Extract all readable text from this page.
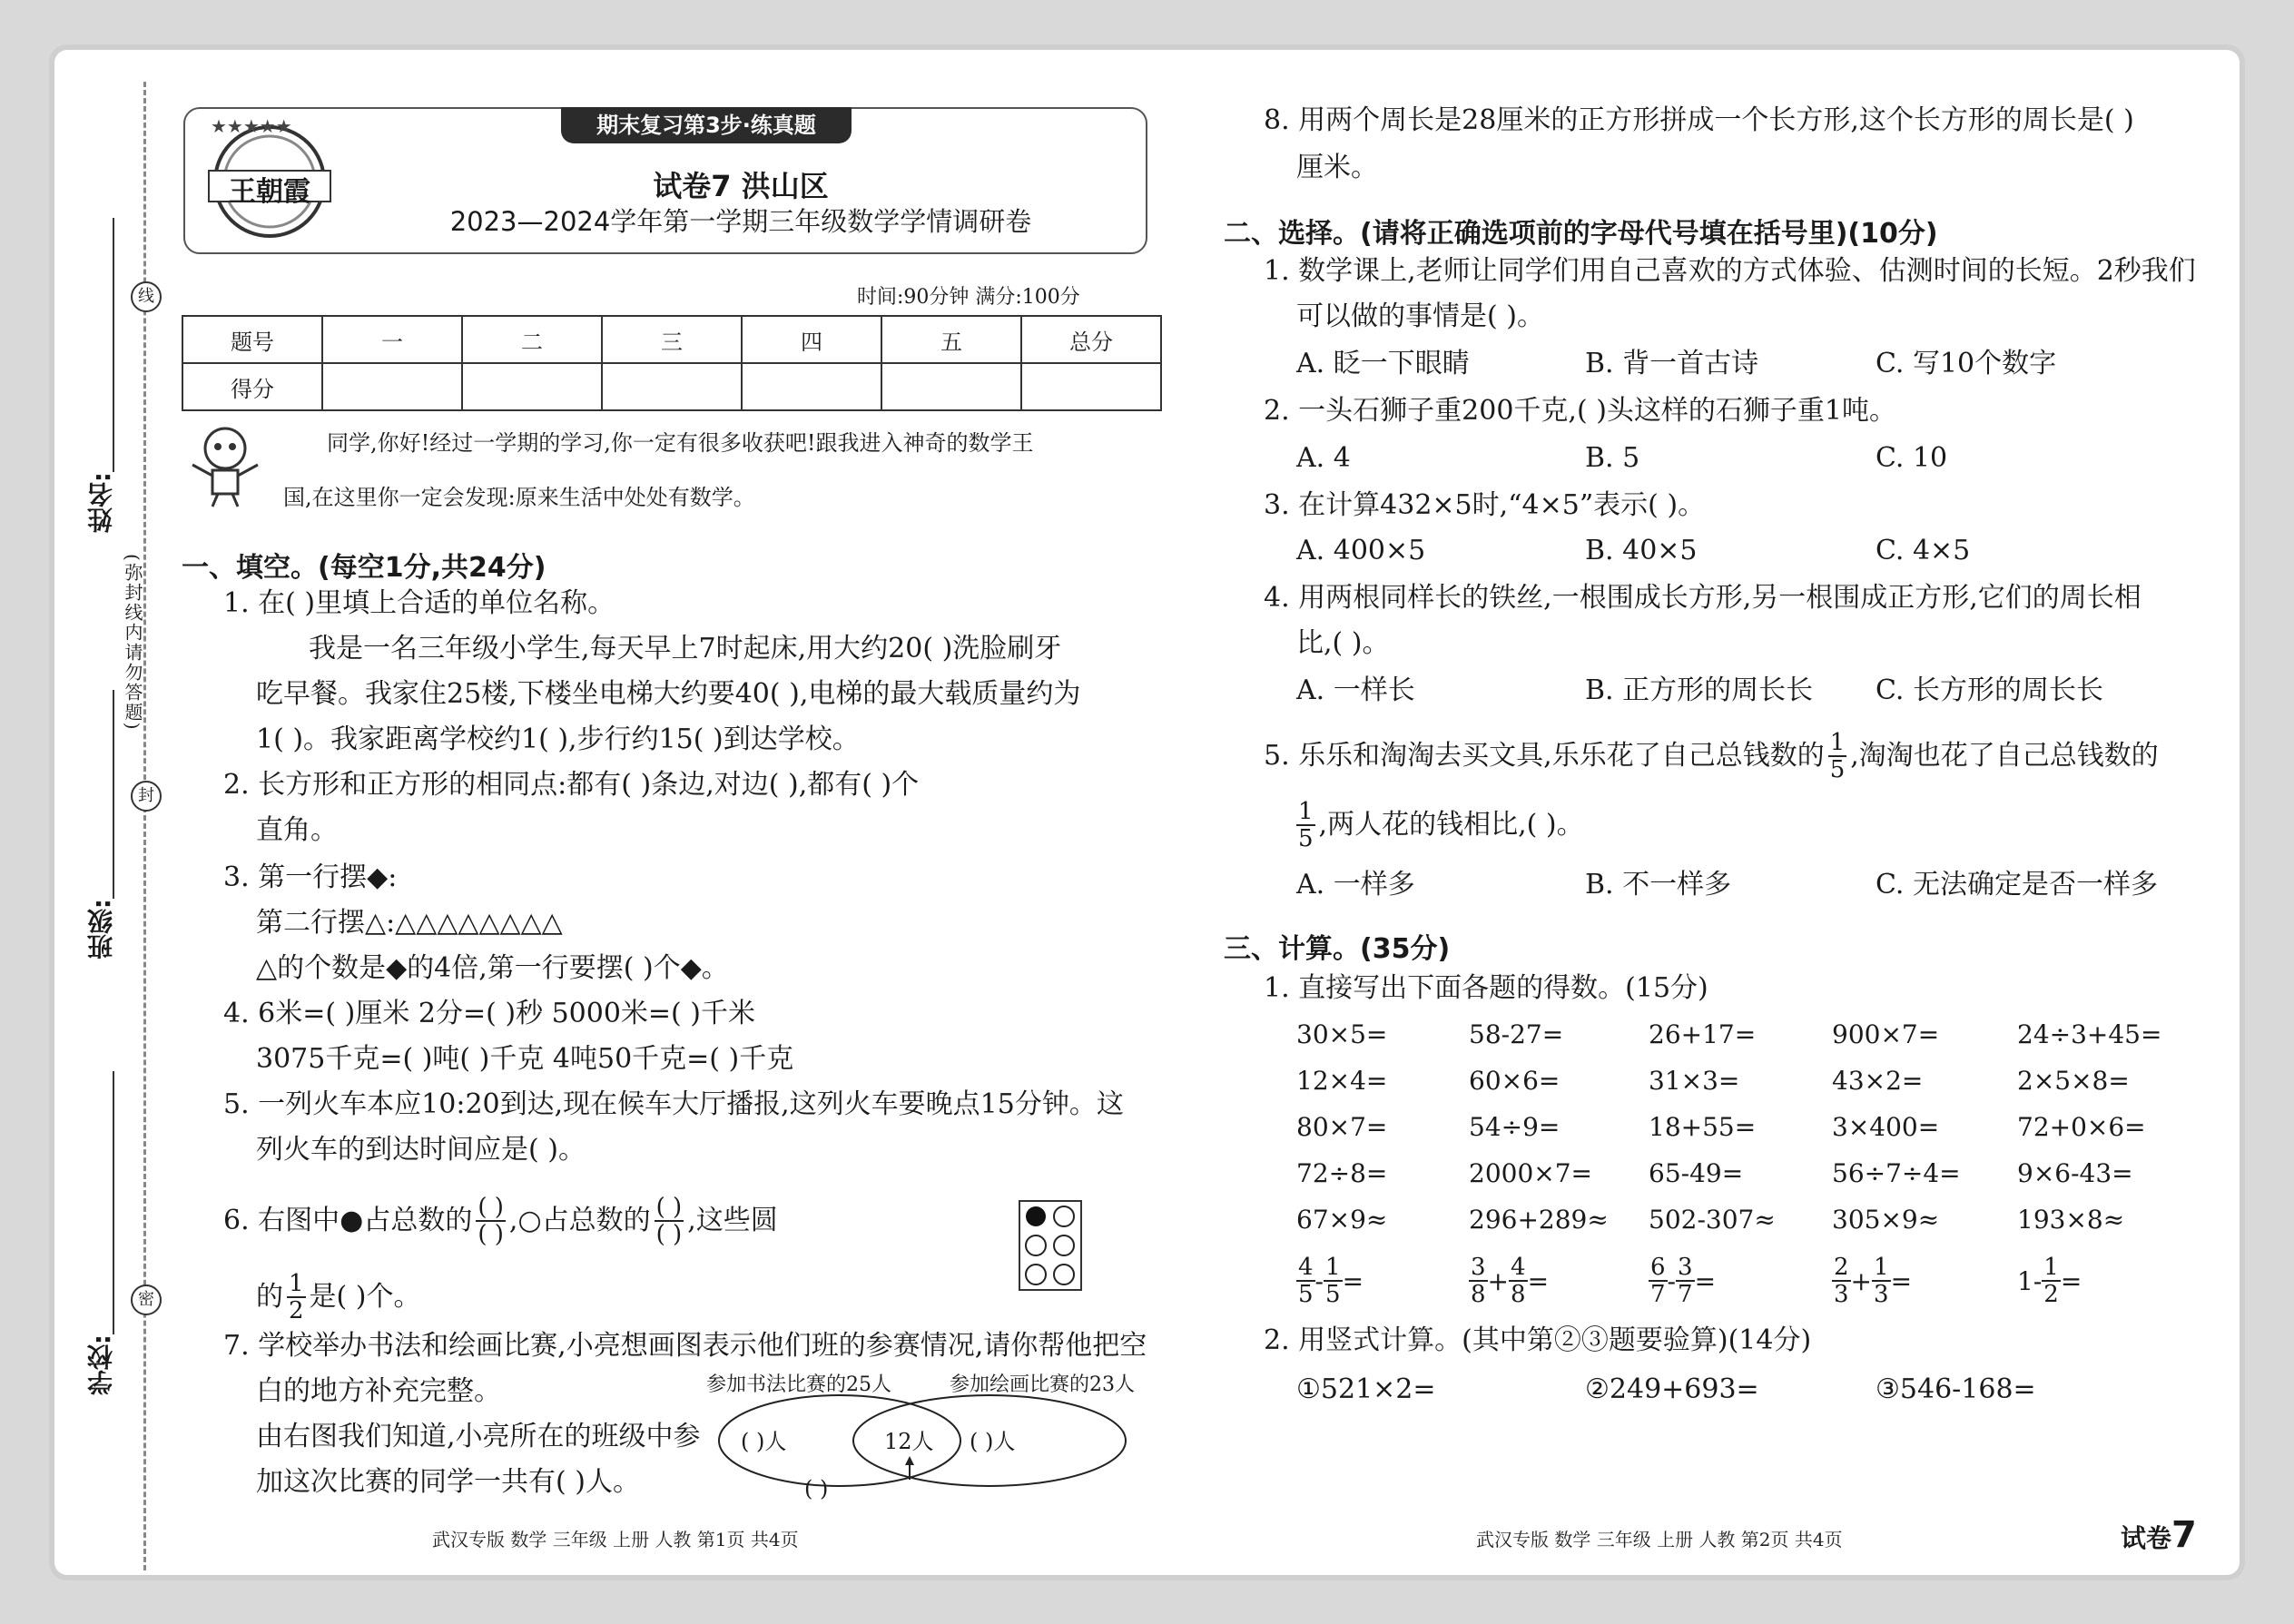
线
封
密
姓名:
班级:
学校:
(弥封线内请勿答题)
★★★★★
王朝霞
期末复习第3步·练真题
试卷7 洪山区
2023—2024学年第一学期三年级数学学情调研卷
时间:90分钟 满分:100分
题号	一	二	三	四	五	总分
得分						
同学,你好!经过一学期的学习,你一定有很多收获吧!跟我进入神奇的数学王
国,在这里你一定会发现:原来生活中处处有数学。
一、填空。(每空1分,共24分)
1. 在( )里填上合适的单位名称。
我是一名三年级小学生,每天早上7时起床,用大约20( )洗脸刷牙
吃早餐。我家住25楼,下楼坐电梯大约要40( ),电梯的最大载质量约为
1( )。我家距离学校约1( ),步行约15( )到达学校。
2. 长方形和正方形的相同点:都有( )条边,对边( ),都有( )个
直角。
3. 第一行摆◆:
第二行摆△:△△△△△△△△
△的个数是◆的4倍,第一行要摆( )个◆。
4. 6米=( )厘米 2分=( )秒 5000米=( )千米
3075千克=( )吨( )千克 4吨50千克=( )千克
5. 一列火车本应10:20到达,现在候车大厅播报,这列火车要晚点15分钟。这
列火车的到达时间应是( )。
6. 右图中●占总数的 $\frac{( )}{( )}$ ,○占总数的 $\frac{( )}{( )}$ ,这些圆
的 $\frac{1}{2}$ 是( )个。
7. 学校举办书法和绘画比赛,小亮想画图表示他们班的参赛情况,请你帮他把空
白的地方补充完整。
由右图我们知道,小亮所在的班级中参
加这次比赛的同学一共有( )人。
参加书法比赛的25人	参加绘画比赛的23人
( )人	12人 ( )人
( )
武汉专版 数学 三年级 上册 人教 第1页 共4页
8. 用两个周长是28厘米的正方形拼成一个长方形,这个长方形的周长是( )
厘米。
二、选择。(请将正确选项前的字母代号填在括号里)(10分)
1. 数学课上,老师让同学们用自己喜欢的方式体验、估测时间的长短。2秒我们
可以做的事情是( )。
A. 眨一下眼睛	B. 背一首古诗	C. 写10个数字
2. 一头石狮子重200千克,( )头这样的石狮子重1吨。
A. 4	B. 5	C. 10
3. 在计算432×5时,“4×5”表示( )。
A. 400×5	B. 40×5	C. 4×5
4. 用两根同样长的铁丝,一根围成长方形,另一根围成正方形,它们的周长相
比,( )。
A. 一样长	B. 正方形的周长长 C. 长方形的周长长
5. 乐乐和淘淘去买文具,乐乐花了自己总钱数的 $\frac{1}{5}$ ,淘淘也花了自己总钱数的
$\frac{1}{5}$ ,两人花的钱相比,( )。
A. 一样多	B. 不一样多	C. 无法确定是否一样多
三、计算。(35分)
1. 直接写出下面各题的得数。(15分)
30×5=	58-27=	26+17=	900×7=	24÷3+45=
12×4=	60×6=	31×3=	43×2=	2×5×8=
80×7=	54÷9=	18+55=	3×400=	72+0×6=
72÷8=	2000×7=	65-49=	56÷7÷4=	9×6-43=
67×9≈	296+289≈	502-307≈	305×9≈	193×8≈
$\frac{4}{5} - \frac{1}{5}$ =	$\frac{3}{8} + \frac{4}{8}$ =	$\frac{6}{7} - \frac{3}{7}$ =	$\frac{2}{3} + \frac{1}{3}$ =	$1 - \frac{1}{2}$ =
2. 用竖式计算。(其中第②③题要验算)(14分)
①521×2=	②249+693=	③546-168=
武汉专版 数学 三年级 上册 人教 第2页 共4页	试卷7
